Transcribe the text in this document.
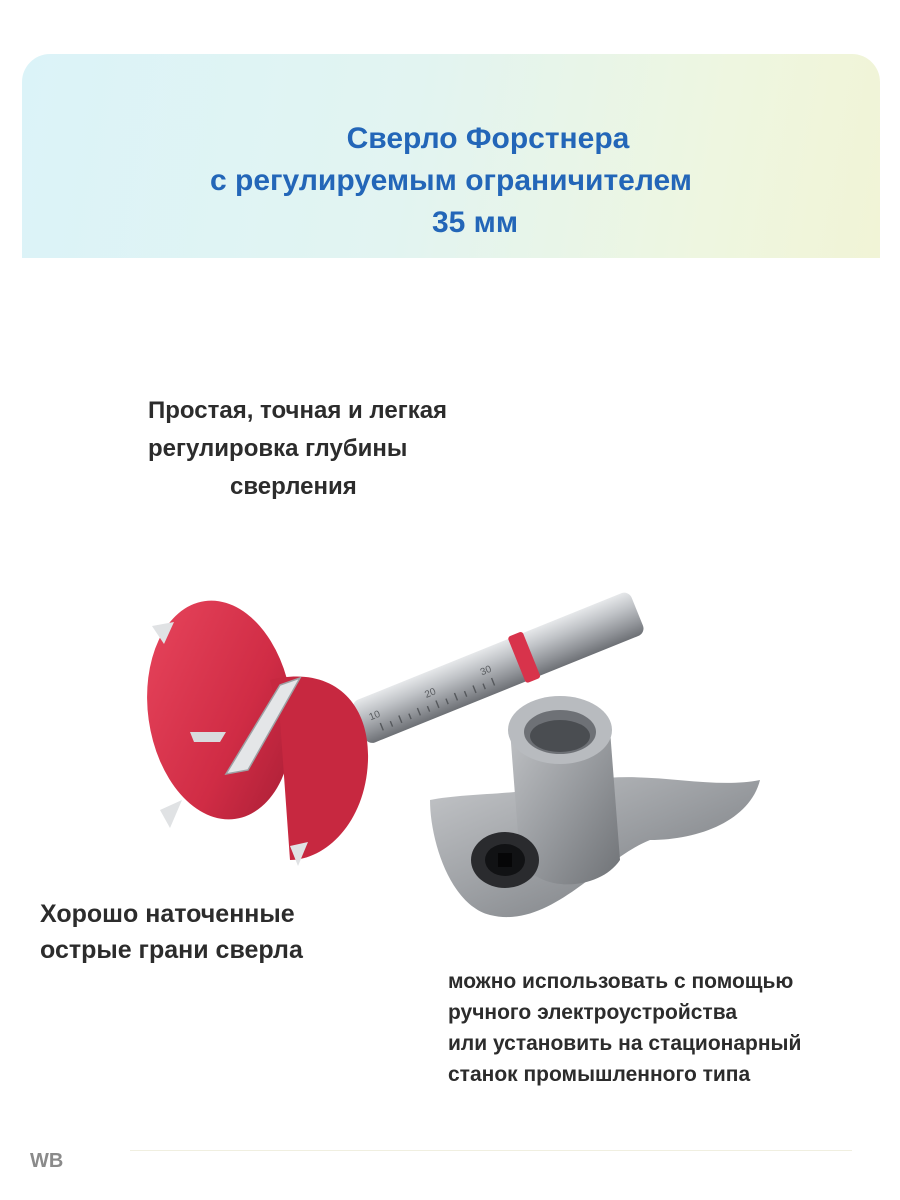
Сверло Форстнера
с регулируемым ограничителем
35 мм
Простая, точная и легкая
регулировка глубины
сверления
10
20
30
Хорошо наточенные
острые грани сверла
можно использовать с помощью
ручного электроустройства
или установить на стационарный
станок промышленного типа
WB
